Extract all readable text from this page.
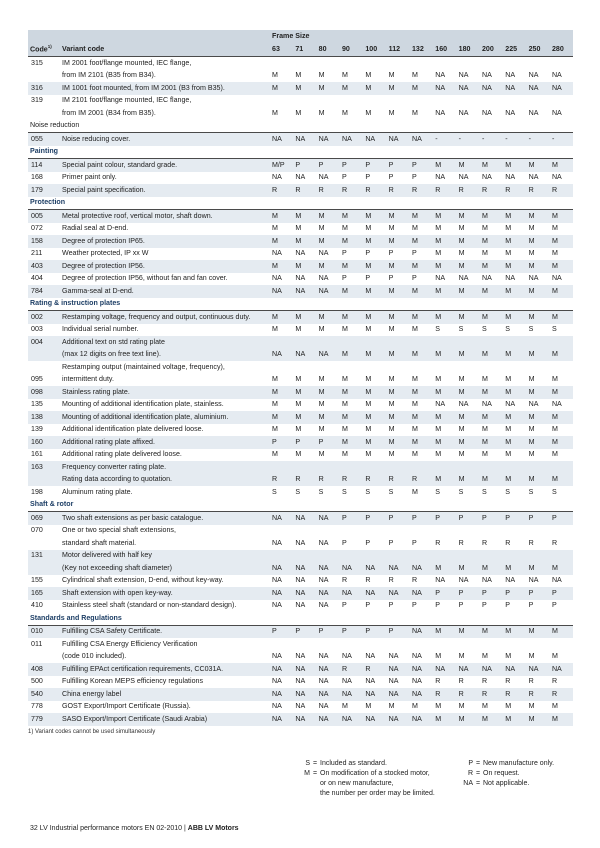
		Frame Size												
Code$^{1)}$	Variant code	63	71	80	90	100	112	132	160	180	200	225	250	280
315	IM 2001 foot/flange mounted, IEC flange,													
	from IM 2101 (B35 from B34).	M	M	M	M	M	M	M	NA	NA	NA	NA	NA	NA
316	IM 1001 foot mounted, from IM 2001 (B3 from B35).	M	M	M	M	M	M	M	NA	NA	NA	NA	NA	NA
319	IM 2101 foot/flange mounted, IEC flange,													
	from IM 2001 (B34 from B35).	M	M	M	M	M	M	M	NA	NA	NA	NA	NA	NA
Noise reduction														
055	Noise reducing cover.	NA	NA	NA	NA	NA	NA	NA	-	-	-	-	-	-
Painting														
114	Special paint colour, standard grade.	M/P	P	P	P	P	P	P	M	M	M	M	M	M
168	Primer paint only.	NA	NA	NA	P	P	P	P	NA	NA	NA	NA	NA	NA
179	Special paint specification.	R	R	R	R	R	R	R	R	R	R	R	R	R
Protection														
005	Metal protective roof, vertical motor, shaft down.	M	M	M	M	M	M	M	M	M	M	M	M	M
072	Radial seal at D-end.	M	M	M	M	M	M	M	M	M	M	M	M	M
158	Degree of protection IP65.	M	M	M	M	M	M	M	M	M	M	M	M	M
211	Weather protected, IP xx W	NA	NA	NA	P	P	P	P	M	M	M	M	M	M
403	Degree of protection IP56.	M	M	M	M	M	M	M	M	M	M	M	M	M
404	Degree of protection IP56, without fan and fan cover.	NA	NA	NA	P	P	P	P	NA	NA	NA	NA	NA	NA
784	Gamma-seal at D-end.	NA	NA	NA	M	M	M	M	M	M	M	M	M	M
Rating & instruction plates														
002	Restamping voltage, frequency and output, continuous duty.	M	M	M	M	M	M	M	M	M	M	M	M	M
003	Individual serial number.	M	M	M	M	M	M	M	S	S	S	S	S	S
004	Additional text on std rating plate													
	(max 12 digits on free text line).	NA	NA	NA	M	M	M	M	M	M	M	M	M	M
	Restamping output (maintained voltage, frequency),													
095	intermittent duty.	M	M	M	M	M	M	M	M	M	M	M	M	M
098	Stainless rating plate.	M	M	M	M	M	M	M	M	M	M	M	M	M
135	Mounting of additional identification plate, stainless.	M	M	M	M	M	M	M	NA	NA	NA	NA	NA	NA
138	Mounting of additional identification plate, aluminium.	M	M	M	M	M	M	M	M	M	M	M	M	M
139	Additional identification plate delivered loose.	M	M	M	M	M	M	M	M	M	M	M	M	M
160	Additional rating plate affixed.	P	P	P	M	M	M	M	M	M	M	M	M	M
161	Additional rating plate delivered loose.	M	M	M	M	M	M	M	M	M	M	M	M	M
163	Frequency converter rating plate.													
	Rating data according to quotation.	R	R	R	R	R	R	R	M	M	M	M	M	M
198	Aluminum rating plate.	S	S	S	S	S	S	M	S	S	S	S	S	S
Shaft & rotor														
069	Two shaft extensions as per basic catalogue.	NA	NA	NA	P	P	P	P	P	P	P	P	P	P
070	One or two special shaft extensions,													
	standard shaft material.	NA	NA	NA	P	P	P	P	R	R	R	R	R	R
131	Motor delivered with half key													
	(Key not exceeding shaft diameter)	NA	NA	NA	NA	NA	NA	NA	M	M	M	M	M	M
155	Cylindrical shaft extension, D-end, without key-way.	NA	NA	NA	R	R	R	R	NA	NA	NA	NA	NA	NA
165	Shaft extension with open key-way.	NA	NA	NA	NA	NA	NA	NA	P	P	P	P	P	P
410	Stainless steel shaft (standard or non-standard design).	NA	NA	NA	P	P	P	P	P	P	P	P	P	P
Standards and Regulations														
010	Fulfilling CSA Safety Certificate.	P	P	P	P	P	P	NA	M	M	M	M	M	M
011	Fulfilling CSA Energy Efficiency Verification													
	(code 010 included).	NA	NA	NA	NA	NA	NA	NA	M	M	M	M	M	M
408	Fulfilling EPAct certification requirements, CC031A.	NA	NA	NA	R	R	NA	NA	NA	NA	NA	NA	NA	NA
500	Fulfilling Korean MEPS efficiency regulations	NA	NA	NA	NA	NA	NA	NA	R	R	R	R	R	R
540	China energy label	NA	NA	NA	NA	NA	NA	NA	R	R	R	R	R	R
778	GOST Export/Import Certificate (Russia).	NA	NA	NA	M	M	M	M	M	M	M	M	M	M
779	SASO Export/Import Certificate (Saudi Arabia)	NA	NA	NA	NA	NA	NA	NA	M	M	M	M	M	M
1) Variant codes cannot be used simultaneously
S = Included as standard.
M = On modification of a stocked motor,
or on new manufacture,
the number per order may be limited.
P = New manufacture only.
R = On request.
NA = Not applicable.
32 LV Industrial performance motors EN 02-2010 | ABB LV Motors
